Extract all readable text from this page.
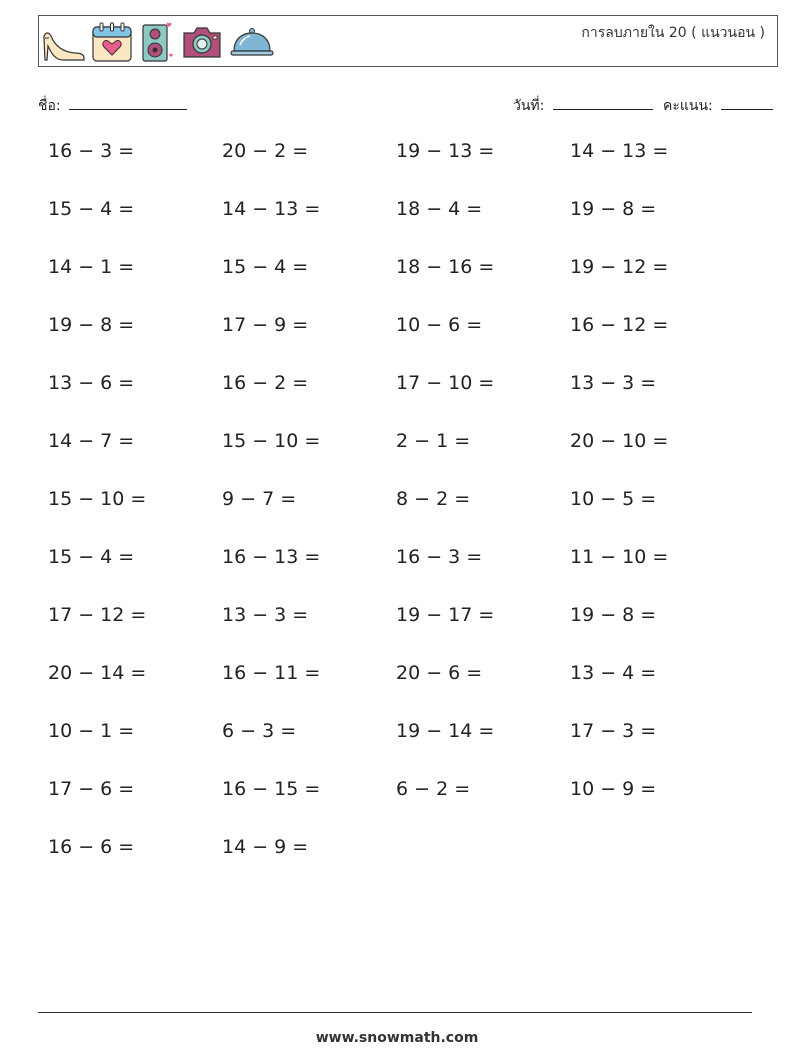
การลบภายใน 20 ( แนวนอน )
ชื่อ:	วันที่:	คะแนน:
16 − 3 =	20 − 2 =	19 − 13 =	14 − 13 =
15 − 4 =	14 − 13 =	18 − 4 =	19 − 8 =
14 − 1 =	15 − 4 =	18 − 16 =	19 − 12 =
19 − 8 =	17 − 9 =	10 − 6 =	16 − 12 =
13 − 6 =	16 − 2 =	17 − 10 =	13 − 3 =
14 − 7 =	15 − 10 =	2 − 1 =	20 − 10 =
15 − 10 =	9 − 7 =	8 − 2 =	10 − 5 =
15 − 4 =	16 − 13 =	16 − 3 =	11 − 10 =
17 − 12 =	13 − 3 =	19 − 17 =	19 − 8 =
20 − 14 =	16 − 11 =	20 − 6 =	13 − 4 =
10 − 1 =	6 − 3 =	19 − 14 =	17 − 3 =
17 − 6 =	16 − 15 =	6 − 2 =	10 − 9 =
16 − 6 =	14 − 9 =
www.snowmath.com
